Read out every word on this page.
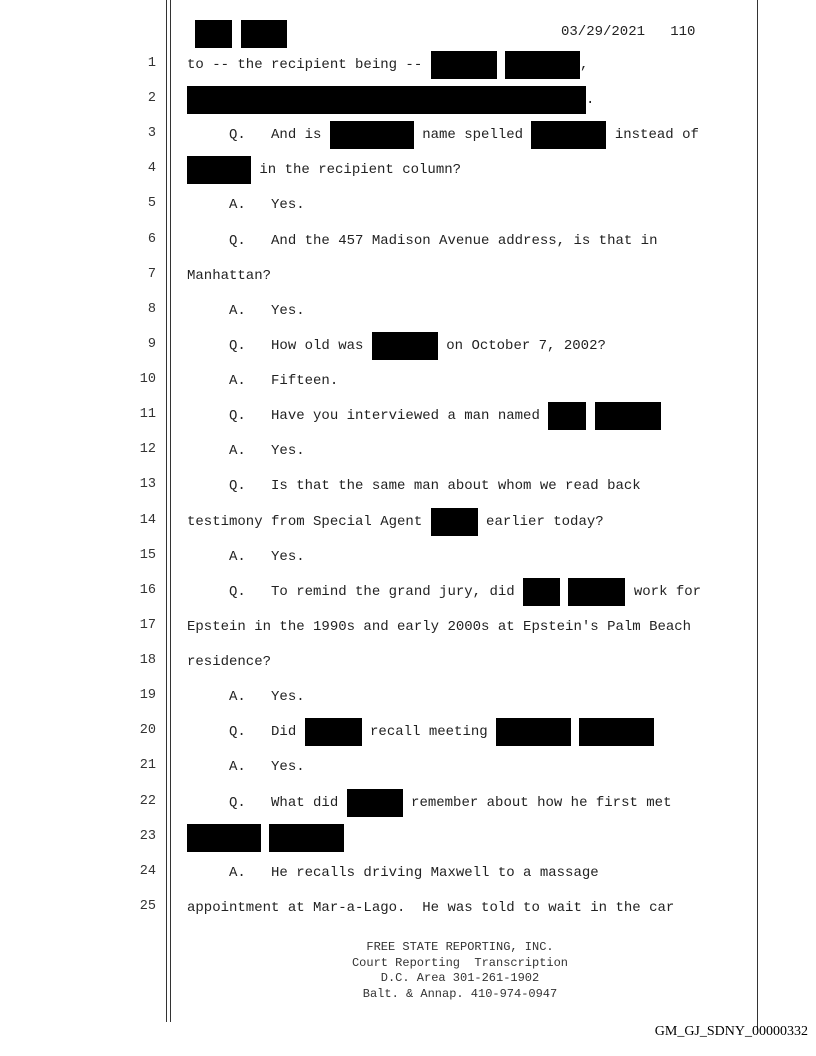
03/29/2021 110
1 to -- the recipient being --
	,
2	.
3 Q.   And is	name spelled	instead of
4	in the recipient column?
5 A.   Yes.
6 Q.   And the 457 Madison Avenue address, is that in
7 Manhattan?
8 A.   Yes.
9 Q.   How old was	on October 7, 2002?
10 A.   Fifteen.
11 Q.   Have you interviewed a man named

12 A.   Yes.
13 Q.   Is that the same man about whom we read back
14 testimony from Special Agent	earlier today?
15 A.   Yes.
16 Q.   To remind the grand jury, did
	work for
17 Epstein in the 1990s and early 2000s at Epstein's Palm Beach
18 residence?
19 A.   Yes.
20 Q.   Did	recall meeting

21 A.   Yes.
22 Q.   What did	remember about how he first met
23

24 A.   He recalls driving Maxwell to a massage
25 appointment at Mar-a-Lago.  He was told to wait in the car
FREE STATE REPORTING, INC.
Court Reporting  Transcription
D.C. Area 301-261-1902
Balt. & Annap. 410-974-0947
GM_GJ_SDNY_00000332
